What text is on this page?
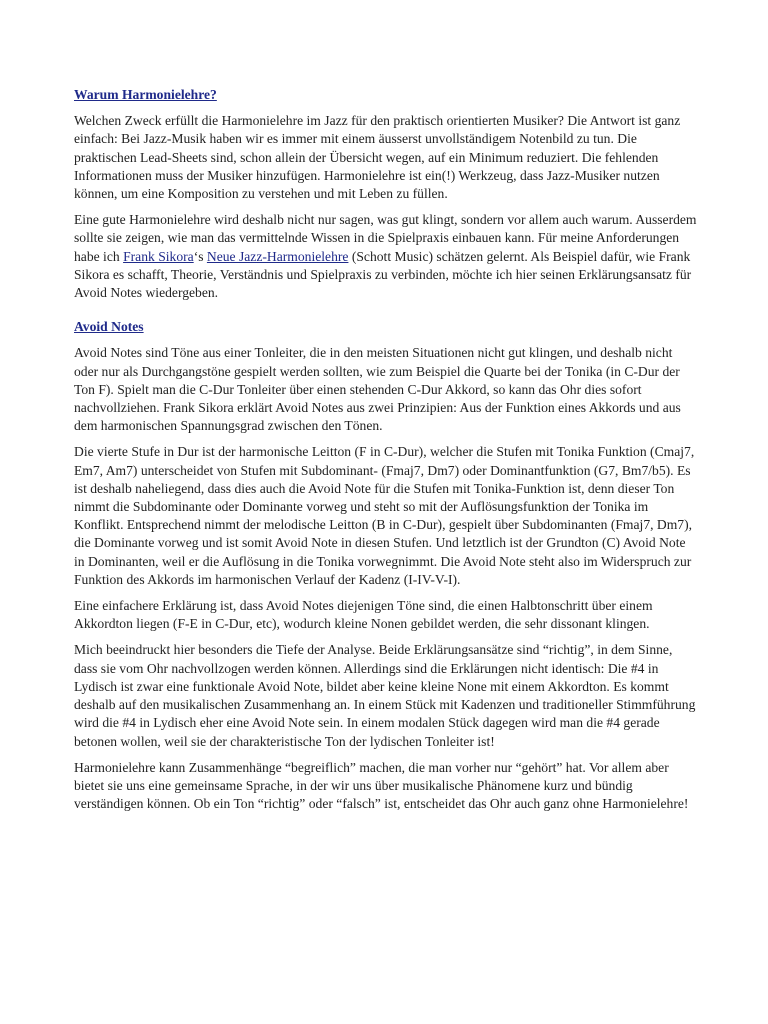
Warum Harmonielehre?

Welchen Zweck erfüllt die Harmonielehre im Jazz für den praktisch orientierten Musiker? Die Antwort ist ganz einfach: Bei Jazz-Musik haben wir es immer mit einem äusserst unvollständigem Notenbild zu tun. Die praktischen Lead-Sheets sind, schon allein der Übersicht wegen, auf ein Minimum reduziert. Die fehlenden Informationen muss der Musiker hinzufügen. Harmonielehre ist ein(!) Werkzeug, dass Jazz-Musiker nutzen können, um eine Komposition zu verstehen und mit Leben zu füllen.

Eine gute Harmonielehre wird deshalb nicht nur sagen, was gut klingt, sondern vor allem auch warum. Ausserdem sollte sie zeigen, wie man das vermittelnde Wissen in die Spielpraxis einbauen kann. Für meine Anforderungen habe ich Frank Sikora‘s Neue Jazz-Harmonielehre (Schott Music) schätzen gelernt. Als Beispiel dafür, wie Frank Sikora es schafft, Theorie, Verständnis und Spielpraxis zu verbinden, möchte ich hier seinen Erklärungsansatz für Avoid Notes wiedergeben.

Avoid Notes

Avoid Notes sind Töne aus einer Tonleiter, die in den meisten Situationen nicht gut klingen, und deshalb nicht oder nur als Durchgangstöne gespielt werden sollten, wie zum Beispiel die Quarte bei der Tonika (in C-Dur der Ton F). Spielt man die C-Dur Tonleiter über einen stehenden C-Dur Akkord, so kann das Ohr dies sofort nachvollziehen. Frank Sikora erklärt Avoid Notes aus zwei Prinzipien: Aus der Funktion eines Akkords und aus dem harmonischen Spannungsgrad zwischen den Tönen.

Die vierte Stufe in Dur ist der harmonische Leitton (F in C-Dur), welcher die Stufen mit Tonika Funktion (Cmaj7, Em7, Am7) unterscheidet von Stufen mit Subdominant- (Fmaj7, Dm7) oder Dominantfunktion (G7, Bm7/b5). Es ist deshalb naheliegend, dass dies auch die Avoid Note für die Stufen mit Tonika-Funktion ist, denn dieser Ton nimmt die Subdominante oder Dominante vorweg und steht so mit der Auflösungsfunktion der Tonika im Konflikt. Entsprechend nimmt der melodische Leitton (B in C-Dur), gespielt über Subdominanten (Fmaj7, Dm7), die Dominante vorweg und ist somit Avoid Note in diesen Stufen. Und letztlich ist der Grundton (C) Avoid Note in Dominanten, weil er die Auflösung in die Tonika vorwegnimmt. Die Avoid Note steht also im Widerspruch zur Funktion des Akkords im harmonischen Verlauf der Kadenz (I-IV-V-I).

Eine einfachere Erklärung ist, dass Avoid Notes diejenigen Töne sind, die einen Halbtonschritt über einem Akkordton liegen (F-E in C-Dur, etc), wodurch kleine Nonen gebildet werden, die sehr dissonant klingen.

Mich beeindruckt hier besonders die Tiefe der Analyse. Beide Erklärungsansätze sind “richtig”, in dem Sinne, dass sie vom Ohr nachvollzogen werden können. Allerdings sind die Erklärungen nicht identisch: Die #4 in Lydisch ist zwar eine funktionale Avoid Note, bildet aber keine kleine None mit einem Akkordton. Es kommt deshalb auf den musikalischen Zusammenhang an. In einem Stück mit Kadenzen und traditioneller Stimmführung wird die #4 in Lydisch eher eine Avoid Note sein. In einem modalen Stück dagegen wird man die #4 gerade betonen wollen, weil sie der charakteristische Ton der lydischen Tonleiter ist!

Harmonielehre kann Zusammenhänge “begreiflich” machen, die man vorher nur “gehört” hat. Vor allem aber bietet sie uns eine gemeinsame Sprache, in der wir uns über musikalische Phänomene kurz und bündig verständigen können. Ob ein Ton “richtig” oder “falsch” ist, entscheidet das Ohr auch ganz ohne Harmonielehre!
